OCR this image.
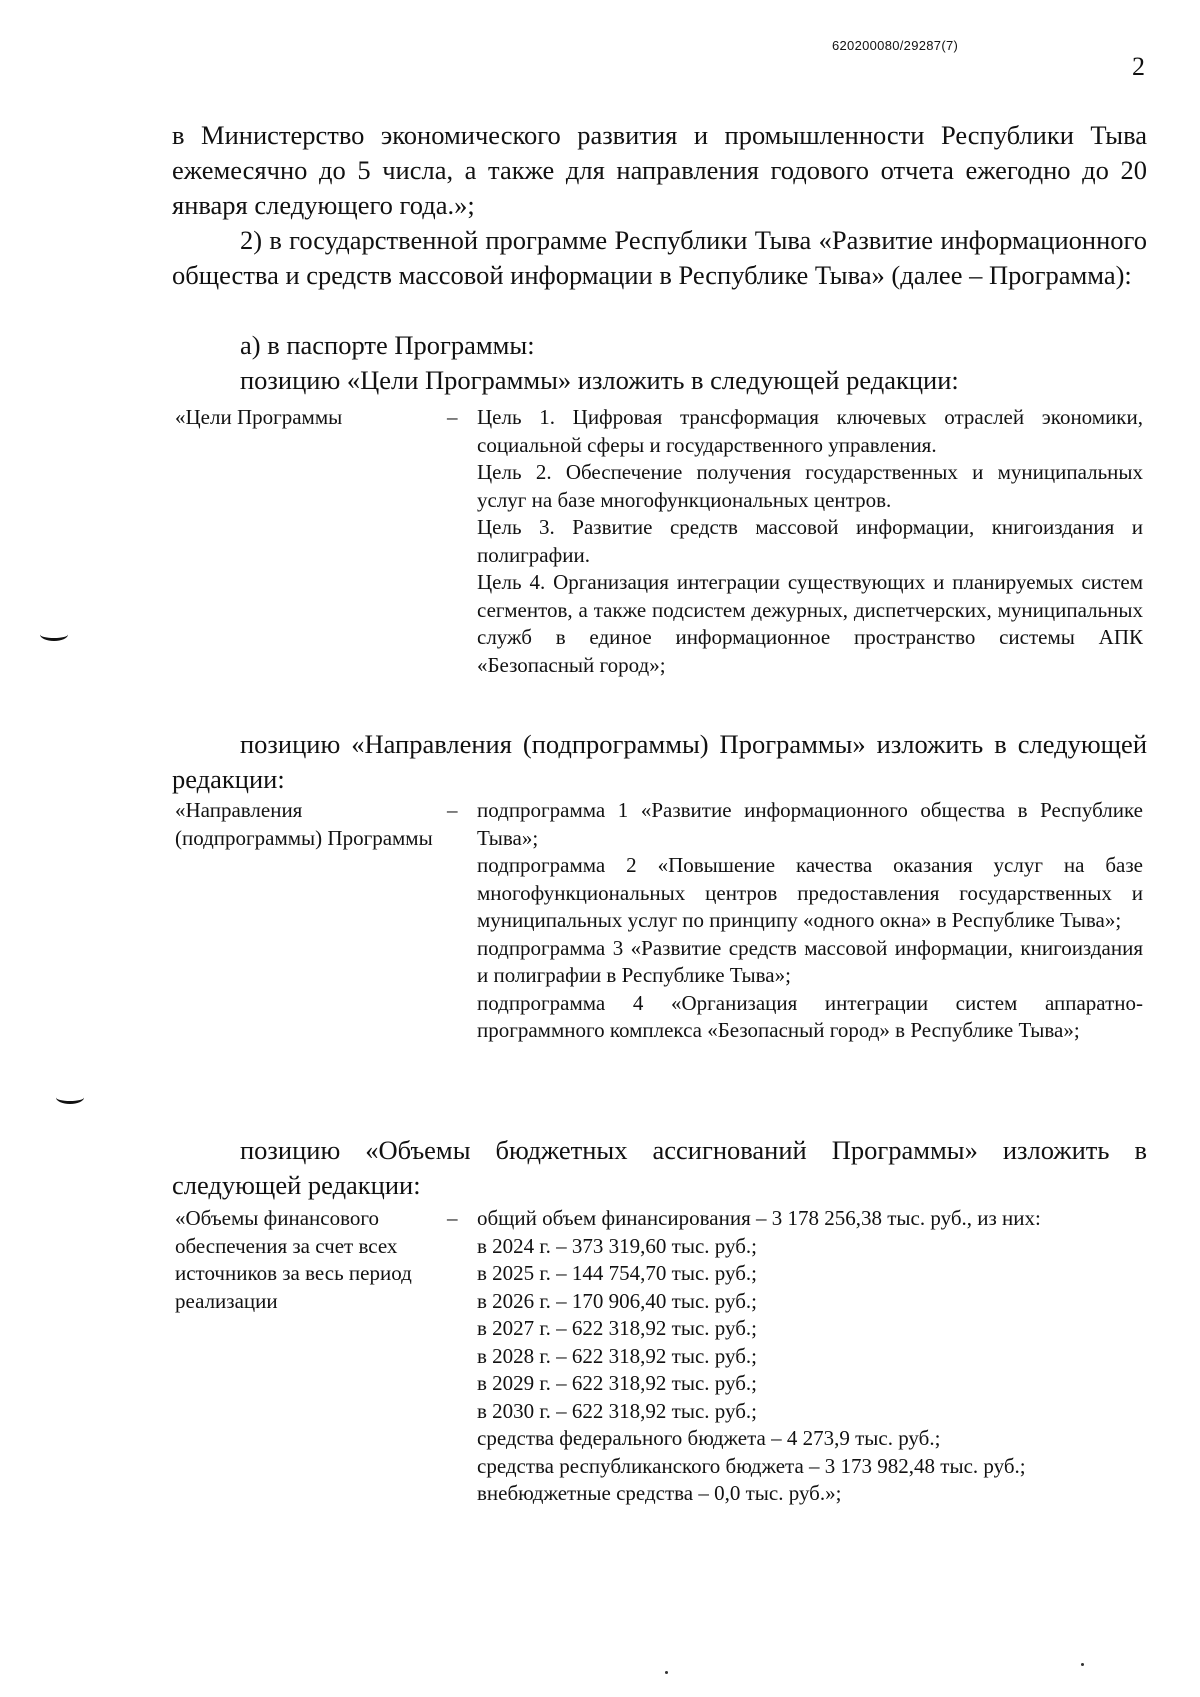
620200080/29287(7)
2
в Министерство экономического развития и промышленности Республики Тыва ежемесячно до 5 числа, а также для направления годового отчета ежегодно до 20 января следующего года.»;
2) в государственной программе Республики Тыва «Развитие информационного общества и средств массовой информации в Республике Тыва» (далее – Программа):
а) в паспорте Программы:
позицию «Цели Программы» изложить в следующей редакции:
«Цели Программы	– Цель 1. Цифровая трансформация ключевых отраслей экономики, социальной сферы и государственного управления.
Цель 2. Обеспечение получения государственных и муниципальных услуг на базе многофункциональных центров.
Цель 3. Развитие средств массовой информации, книгоиздания и полиграфии.
Цель 4. Организация интеграции существующих и планируемых систем сегментов, а также подсистем дежурных, диспетчерских, муниципальных служб в единое информационное пространство системы АПК «Безопасный город»;
позицию «Направления (подпрограммы) Программы» изложить в следующей редакции:
«Направления (подпрограммы) Программы
– подпрограмма 1 «Развитие информационного общества в Республике Тыва»;
подпрограмма 2 «Повышение качества оказания услуг на базе многофункциональных центров предоставления государственных и муниципальных услуг по принципу «одного окна» в Республике Тыва»;
подпрограмма 3 «Развитие средств массовой информации, книгоиздания и полиграфии в Республике Тыва»;
подпрограмма 4 «Организация интеграции систем аппаратно-программного комплекса «Безопасный город» в Республике Тыва»;
позицию «Объемы бюджетных ассигнований Программы» изложить в следующей редакции:
«Объемы финансового обеспечения за счет всех источников за весь период реализации
– общий объем финансирования – 3 178 256,38 тыс. руб., из них:
в 2024 г. – 373 319,60 тыс. руб.;
в 2025 г. – 144 754,70 тыс. руб.;
в 2026 г. – 170 906,40 тыс. руб.;
в 2027 г. – 622 318,92 тыс. руб.;
в 2028 г. – 622 318,92 тыс. руб.;
в 2029 г. – 622 318,92 тыс. руб.;
в 2030 г. – 622 318,92 тыс. руб.;
средства федерального бюджета – 4 273,9 тыс. руб.;
средства республиканского бюджета – 3 173 982,48 тыс. руб.;
внебюджетные средства – 0,0 тыс. руб.»;
